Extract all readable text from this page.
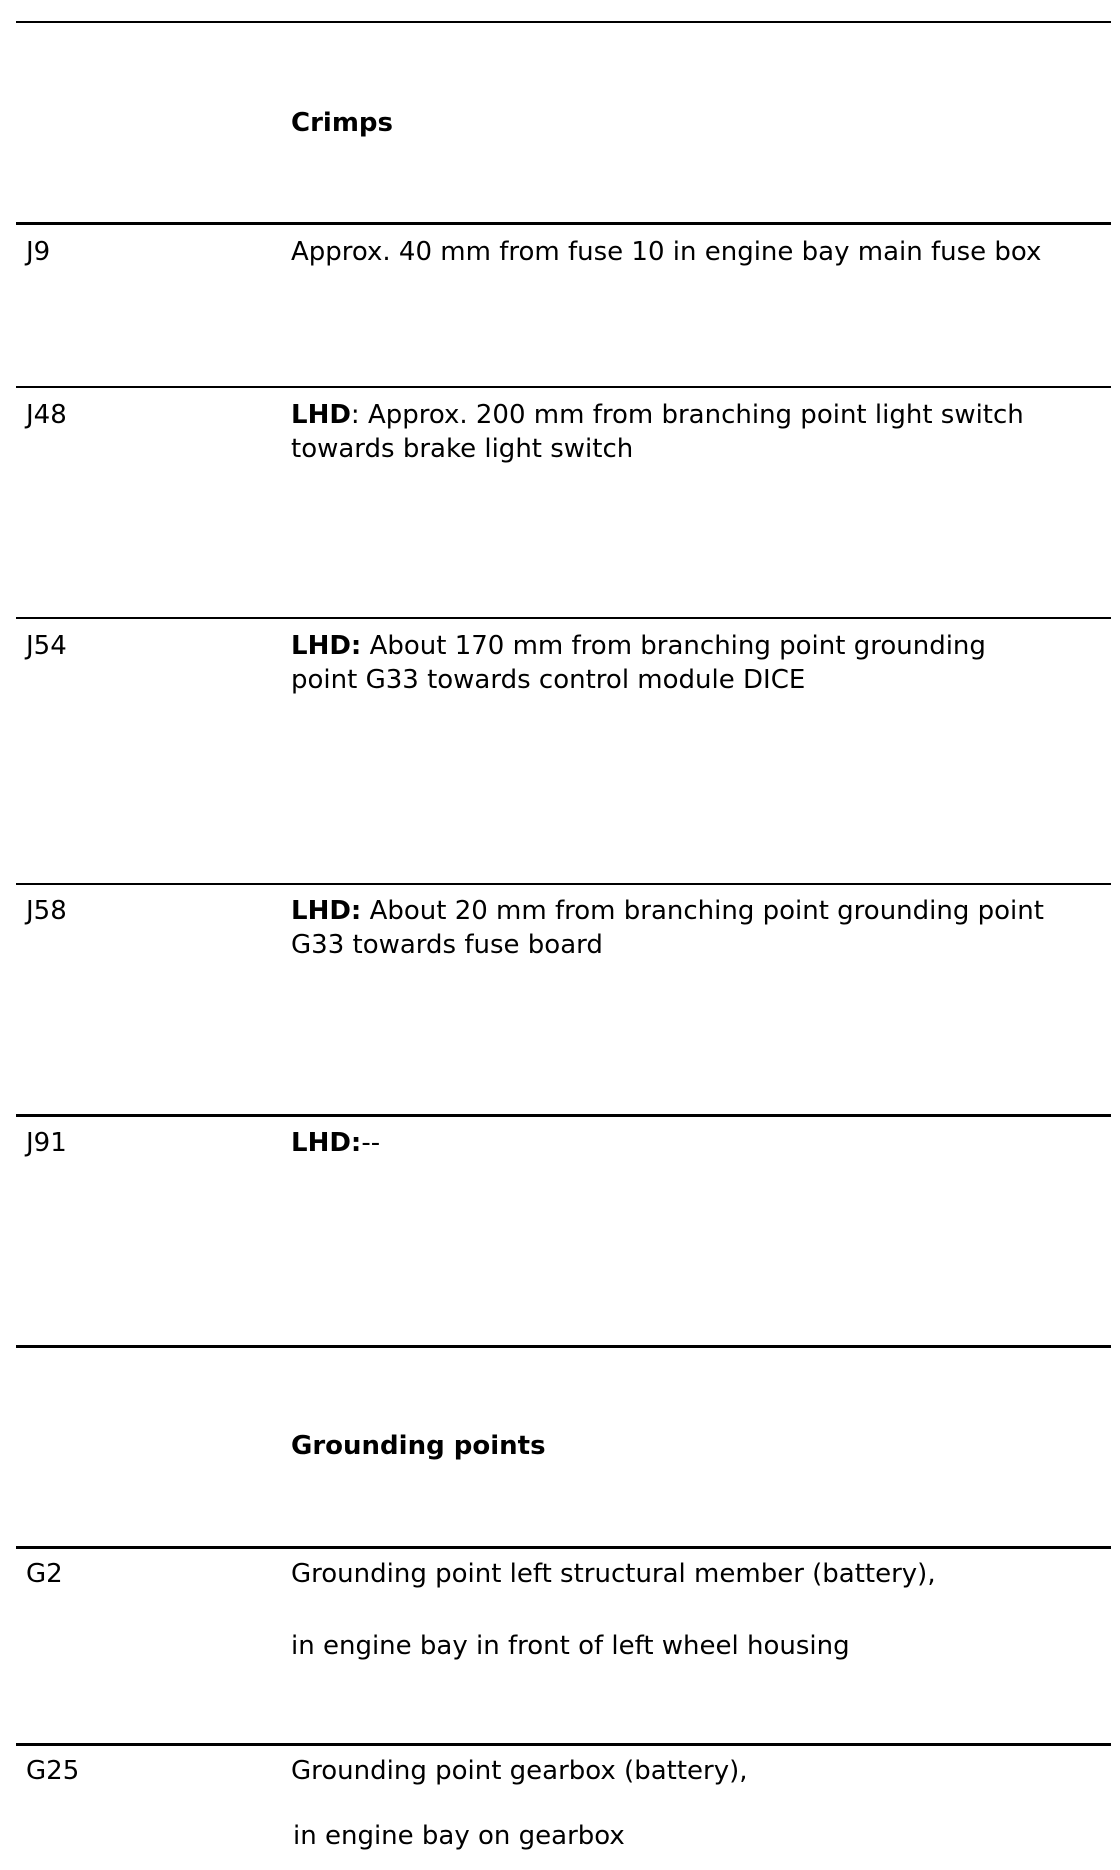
Crimps
J9	Approx. 40 mm from fuse 10 in engine bay main fuse box
J48	LHD: Approx. 200 mm from branching point light switch
towards brake light switch
J54	LHD: About 170 mm from branching point grounding
point G33 towards control module DICE
J58	LHD: About 20 mm from branching point grounding point
G33 towards fuse board
J91	LHD:--
Grounding points
G2	Grounding point left structural member (battery),
in engine bay in front of left wheel housing
G25	Grounding point gearbox (battery),
in engine bay on gearbox
